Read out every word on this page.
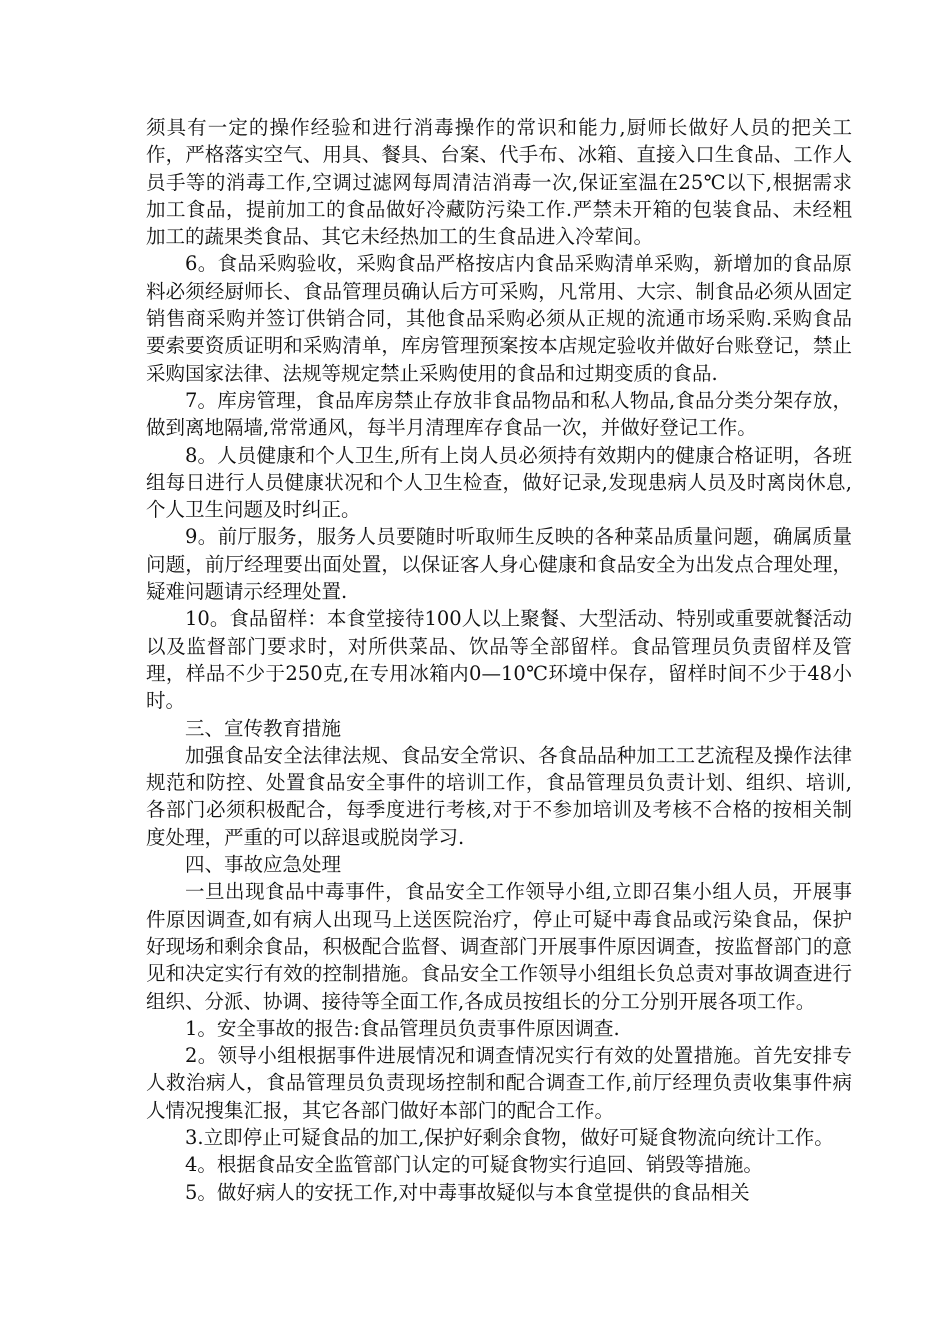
须具有一定的操作经验和进行消毒操作的常识和能力,厨师长做好人员的把关工作，严格落实空气、用具、餐具、台案、代手布、冰箱、直接入口生食品、工作人员手等的消毒工作,空调过滤网每周清洁消毒一次,保证室温在25℃以下,根据需求加工食品，提前加工的食品做好冷藏防污染工作.严禁未开箱的包装食品、未经粗加工的蔬果类食品、其它未经热加工的生食品进入冷荤间。

6。食品采购验收，采购食品严格按店内食品采购清单采购，新增加的食品原料必须经厨师长、食品管理员确认后方可采购，凡常用、大宗、制食品必须从固定销售商采购并签订供销合同，其他食品采购必须从正规的流通市场采购.采购食品要索要资质证明和采购清单，库房管理预案按本店规定验收并做好台账登记，禁止采购国家法律、法规等规定禁止采购使用的食品和过期变质的食品.

7。库房管理，食品库房禁止存放非食品物品和私人物品,食品分类分架存放，做到离地隔墙,常常通风，每半月清理库存食品一次，并做好登记工作。

8。人员健康和个人卫生,所有上岗人员必须持有效期内的健康合格证明，各班组每日进行人员健康状况和个人卫生检查，做好记录,发现患病人员及时离岗休息,个人卫生问题及时纠正。

9。前厅服务，服务人员要随时听取师生反映的各种菜品质量问题，确属质量问题，前厅经理要出面处置，以保证客人身心健康和食品安全为出发点合理处理，疑难问题请示经理处置.

10。食品留样：本食堂接待100人以上聚餐、大型活动、特别或重要就餐活动以及监督部门要求时，对所供菜品、饮品等全部留样。食品管理员负责留样及管理，样品不少于250克,在专用冰箱内0—10℃环境中保存，留样时间不少于48小时。

三、宣传教育措施

加强食品安全法律法规、食品安全常识、各食品品种加工工艺流程及操作法律规范和防控、处置食品安全事件的培训工作，食品管理员负责计划、组织、培训,各部门必须积极配合，每季度进行考核,对于不参加培训及考核不合格的按相关制度处理，严重的可以辞退或脱岗学习.

四、事故应急处理

一旦出现食品中毒事件，食品安全工作领导小组,立即召集小组人员，开展事件原因调查,如有病人出现马上送医院治疗，停止可疑中毒食品或污染食品，保护好现场和剩余食品，积极配合监督、调查部门开展事件原因调查，按监督部门的意见和决定实行有效的控制措施。食品安全工作领导小组组长负总责对事故调查进行组织、分派、协调、接待等全面工作,各成员按组长的分工分别开展各项工作。

1。安全事故的报告:食品管理员负责事件原因调查.

2。领导小组根据事件进展情况和调查情况实行有效的处置措施。首先安排专人救治病人，食品管理员负责现场控制和配合调查工作,前厅经理负责收集事件病人情况搜集汇报，其它各部门做好本部门的配合工作。

3.立即停止可疑食品的加工,保护好剩余食物，做好可疑食物流向统计工作。

4。根据食品安全监管部门认定的可疑食物实行追回、销毁等措施。

5。做好病人的安抚工作,对中毒事故疑似与本食堂提供的食品相关
